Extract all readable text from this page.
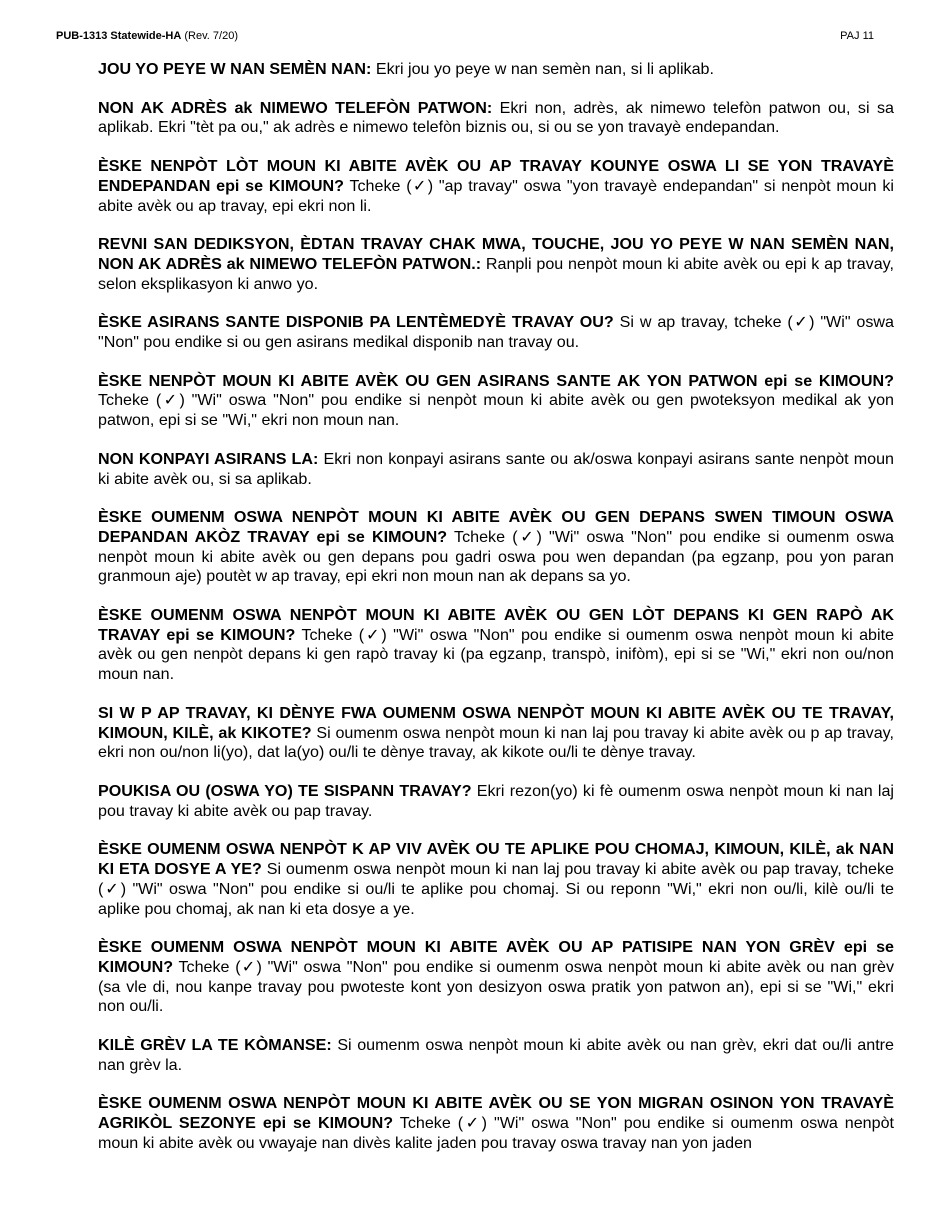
PUB-1313 Statewide-HA (Rev. 7/20)	PAJ 11

JOU YO PEYE W NAN SEMÈN NAN: Ekri jou yo peye w nan semèn nan, si li aplikab.

NON AK ADRÈS ak NIMEWO TELEFÒN PATWON: Ekri non, adrès, ak nimewo telefòn patwon ou, si sa aplikab. Ekri "tèt pa ou," ak adrès e nimewo telefòn biznis ou, si ou se yon travayè endepandan.

ÈSKE NENPÒT LÒT MOUN KI ABITE AVÈK OU AP TRAVAY KOUNYE OSWA LI SE YON TRAVAYÈ ENDEPANDAN epi se KIMOUN? Tcheke (✓) "ap travay" oswa "yon travayè endepandan" si nenpòt moun ki abite avèk ou ap travay, epi ekri non li.

REVNI SAN DEDIKSYON, ÈDTAN TRAVAY CHAK MWA, TOUCHE, JOU YO PEYE W NAN SEMÈN NAN, NON AK ADRÈS ak NIMEWO TELEFÒN PATWON.: Ranpli pou nenpòt moun ki abite avèk ou epi k ap travay, selon eksplikasyon ki anwo yo.

ÈSKE ASIRANS SANTE DISPONIB PA LENTÈMEDYÈ TRAVAY OU? Si w ap travay, tcheke (✓) "Wi" oswa "Non" pou endike si ou gen asirans medikal disponib nan travay ou.

ÈSKE NENPÒT MOUN KI ABITE AVÈK OU GEN ASIRANS SANTE AK YON PATWON epi se KIMOUN? Tcheke (✓) "Wi" oswa "Non" pou endike si nenpòt moun ki abite avèk ou gen pwoteksyon medikal ak yon patwon, epi si se "Wi," ekri non moun nan.

NON KONPAYI ASIRANS LA: Ekri non konpayi asirans sante ou ak/oswa konpayi asirans sante nenpòt moun ki abite avèk ou, si sa aplikab.

ÈSKE OUMENM OSWA NENPÒT MOUN KI ABITE AVÈK OU GEN DEPANS SWEN TIMOUN OSWA DEPANDAN AKÒZ TRAVAY epi se KIMOUN? Tcheke (✓) "Wi" oswa "Non" pou endike si oumenm oswa nenpòt moun ki abite avèk ou gen depans pou gadri oswa pou wen depandan (pa egzanp, pou yon paran granmoun aje) poutèt w ap travay, epi ekri non moun nan ak depans sa yo.

ÈSKE OUMENM OSWA NENPÒT MOUN KI ABITE AVÈK OU GEN LÒT DEPANS KI GEN RAPÒ AK TRAVAY epi se KIMOUN? Tcheke (✓) "Wi" oswa "Non" pou endike si oumenm oswa nenpòt moun ki abite avèk ou gen nenpòt depans ki gen rapò travay ki (pa egzanp, transpò, inifòm), epi si se "Wi," ekri non ou/non moun nan.

SI W P AP TRAVAY, KI DÈNYE FWA OUMENM OSWA NENPÒT MOUN KI ABITE AVÈK OU TE TRAVAY, KIMOUN, KILÈ, ak KIKOTE? Si oumenm oswa nenpòt moun ki nan laj pou travay ki abite avèk ou p ap travay, ekri non ou/non li(yo), dat la(yo) ou/li te dènye travay, ak kikote ou/li te dènye travay.

POUKISA OU (OSWA YO) TE SISPANN TRAVAY? Ekri rezon(yo) ki fè oumenm oswa nenpòt moun ki nan laj pou travay ki abite avèk ou pap travay.

ÈSKE OUMENM OSWA NENPÒT K AP VIV AVÈK OU TE APLIKE POU CHOMAJ, KIMOUN, KILÈ, ak NAN KI ETA DOSYE A YE? Si oumenm oswa nenpòt moun ki nan laj pou travay ki abite avèk ou pap travay, tcheke (✓) "Wi" oswa "Non" pou endike si ou/li te aplike pou chomaj. Si ou reponn "Wi," ekri non ou/li, kilè ou/li te aplike pou chomaj, ak nan ki eta dosye a ye.

ÈSKE OUMENM OSWA NENPÒT MOUN KI ABITE AVÈK OU AP PATISIPE NAN YON GRÈV epi se KIMOUN? Tcheke (✓) "Wi" oswa "Non" pou endike si oumenm oswa nenpòt moun ki abite avèk ou nan grèv (sa vle di, nou kanpe travay pou pwoteste kont yon desizyon oswa pratik yon patwon an), epi si se "Wi," ekri non ou/li.

KILÈ GRÈV LA TE KÒMANSE: Si oumenm oswa nenpòt moun ki abite avèk ou nan grèv, ekri dat ou/li antre nan grèv la.

ÈSKE OUMENM OSWA NENPÒT MOUN KI ABITE AVÈK OU SE YON MIGRAN OSINON YON TRAVAYÈ AGRIKÒL SEZONYE epi se KIMOUN? Tcheke (✓) "Wi" oswa "Non" pou endike si oumenm oswa nenpòt moun ki abite avèk ou vwayaje nan divès kalite jaden pou travay oswa travay nan yon jaden
